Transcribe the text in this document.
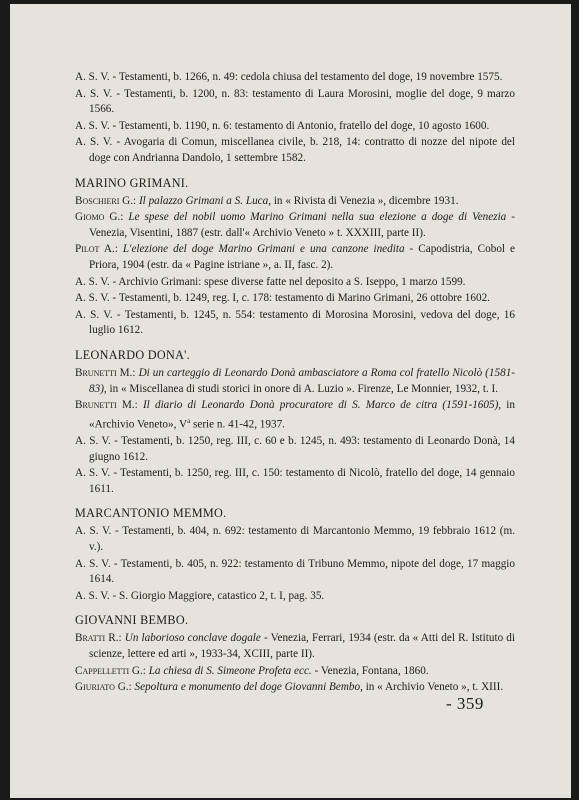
A. S. V. - Testamenti, b. 1266, n. 49: cedola chiusa del testamento del doge, 19 novembre 1575.
A. S. V. - Testamenti, b. 1200, n. 83: testamento di Laura Morosini, moglie del doge, 9 marzo 1566.
A. S. V. - Testamenti, b. 1190, n. 6: testamento di Antonio, fratello del doge, 10 agosto 1600.
A. S. V. - Avogaria di Comun, miscellanea civile, b. 218, 14: contratto di nozze del nipote del doge con Andrianna Dandolo, 1 settembre 1582.
MARINO GRIMANI.
Boschieri G.: Il palazzo Grimani a S. Luca, in « Rivista di Venezia », dicembre 1931.
Giomo G.: Le spese del nobil uomo Marino Grimani nella sua elezione a doge di Venezia - Venezia, Visentini, 1887 (estr. dall'« Archivio Veneto » t. XXXIII, parte II).
Pilot A.: L'elezione del doge Marino Grimani e una canzone inedita - Capodistria, Cobol e Priora, 1904 (estr. da « Pagine istriane », a. II, fasc. 2).
A. S. V. - Archivio Grimani: spese diverse fatte nel deposito a S. Iseppo, 1 marzo 1599.
A. S. V. - Testamenti, b. 1249, reg. I, c. 178: testamento di Marino Grimani, 26 ottobre 1602.
A. S. V. - Testamenti, b. 1245, n. 554: testamento di Morosina Morosini, vedova del doge, 16 luglio 1612.
LEONARDO DONA'.
Brunetti M.: Di un carteggio di Leonardo Donà ambasciatore a Roma col fratello Nicolò (1581-83), in « Miscellanea di studi storici in onore di A. Luzio ». Firenze, Le Monnier, 1932, t. I.
Brunetti M.: Il diario di Leonardo Donà procuratore di S. Marco de citra (1591-1605), in «Archivio Veneto», $V^a$ serie n. 41-42, 1937.
A. S. V. - Testamenti, b. 1250, reg. III, c. 60 e b. 1245, n. 493: testamento di Leonardo Donà, 14 giugno 1612.
A. S. V. - Testamenti, b. 1250, reg. III, c. 150: testamento di Nicolò, fratello del doge, 14 gennaio 1611.
MARCANTONIO MEMMO.
A. S. V. - Testamenti, b. 404, n. 692: testamento di Marcantonio Memmo, 19 febbraio 1612 (m. v.).
A. S. V. - Testamenti, b. 405, n. 922: testamento di Tribuno Memmo, nipote del doge, 17 maggio 1614.
A. S. V. - S. Giorgio Maggiore, catastico 2, t. I, pag. 35.
GIOVANNI BEMBO.
Bratti R.: Un laborioso conclave dogale - Venezia, Ferrari, 1934 (estr. da « Atti del R. Istituto di scienze, lettere ed arti », 1933-34, XCIII, parte II).
Cappelletti G.: La chiesa di S. Simeone Profeta ecc. - Venezia, Fontana, 1860.
Giuriato G.: Sepoltura e monumento del doge Giovanni Bembo, in « Archivio Veneto », t. XIII.
- 359
